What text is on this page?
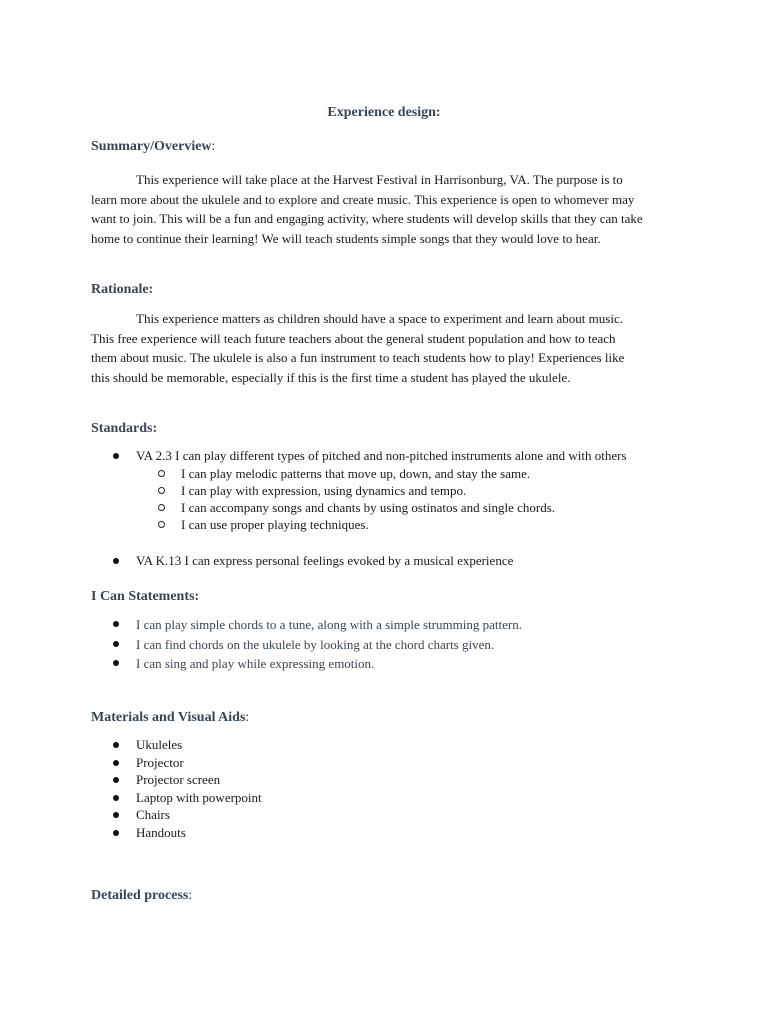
Experience design:
Summary/Overview:
This experience will take place at the Harvest Festival in Harrisonburg, VA. The purpose is to
learn more about the ukulele and to explore and create music. This experience is open to whomever may
want to join. This will be a fun and engaging activity, where students will develop skills that they can take
home to continue their learning! We will teach students simple songs that they would love to hear.
Rationale:
This experience matters as children should have a space to experiment and learn about music.
This free experience will teach future teachers about the general student population and how to teach
them about music. The ukulele is also a fun instrument to teach students how to play! Experiences like
this should be memorable, especially if this is the first time a student has played the ukulele.
Standards:
VA 2.3 I can play different types of pitched and non-pitched instruments alone and with others
I can play melodic patterns that move up, down, and stay the same.
I can play with expression, using dynamics and tempo.
I can accompany songs and chants by using ostinatos and single chords.
I can use proper playing techniques.
VA K.13 I can express personal feelings evoked by a musical experience
I Can Statements:
I can play simple chords to a tune, along with a simple strumming pattern.
I can find chords on the ukulele by looking at the chord charts given.
I can sing and play while expressing emotion.
Materials and Visual Aids:
Ukuleles
Projector
Projector screen
Laptop with powerpoint
Chairs
Handouts
Detailed process:
